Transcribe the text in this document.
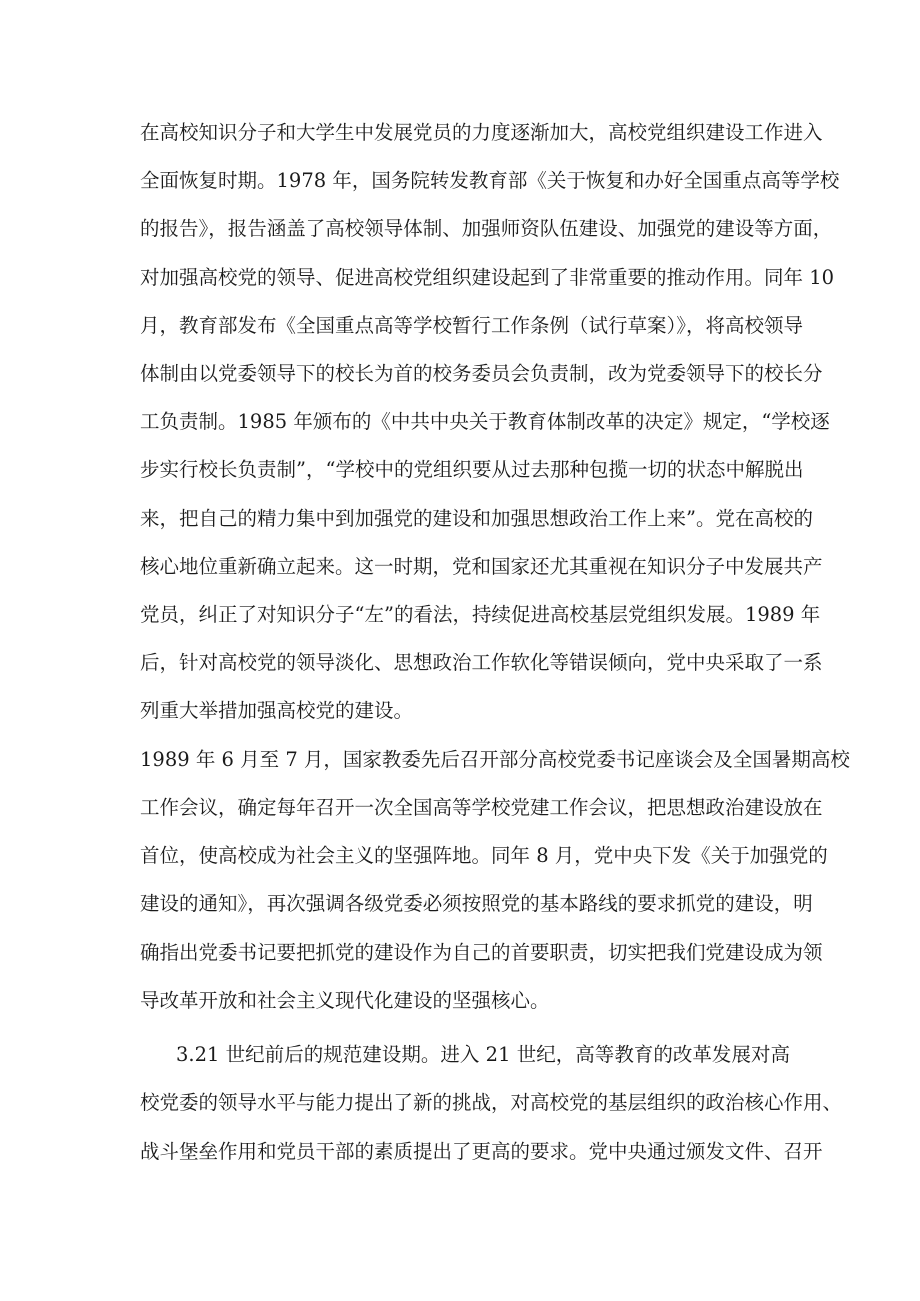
在高校知识分子和大学生中发展党员的力度逐渐加大，高校党组织建设工作进入
全面恢复时期。1978 年，国务院转发教育部《关于恢复和办好全国重点高等学校
的报告》，报告涵盖了高校领导体制、加强师资队伍建设、加强党的建设等方面，
对加强高校党的领导、促进高校党组织建设起到了非常重要的推动作用。同年 10
月，教育部发布《全国重点高等学校暂行工作条例（试行草案）》，将高校领导
体制由以党委领导下的校长为首的校务委员会负责制，改为党委领导下的校长分
工负责制。1985 年颁布的《中共中央关于教育体制改革的决定》规定，“学校逐
步实行校长负责制”，“学校中的党组织要从过去那种包揽一切的状态中解脱出
来，把自己的精力集中到加强党的建设和加强思想政治工作上来”。党在高校的
核心地位重新确立起来。这一时期，党和国家还尤其重视在知识分子中发展共产
党员，纠正了对知识分子“左”的看法，持续促进高校基层党组织发展。1989 年
后，针对高校党的领导淡化、思想政治工作软化等错误倾向，党中央采取了一系
列重大举措加强高校党的建设。
1989 年 6 月至 7 月，国家教委先后召开部分高校党委书记座谈会及全国暑期高校
工作会议，确定每年召开一次全国高等学校党建工作会议，把思想政治建设放在
首位，使高校成为社会主义的坚强阵地。同年 8 月，党中央下发《关于加强党的
建设的通知》，再次强调各级党委必须按照党的基本路线的要求抓党的建设，明
确指出党委书记要把抓党的建设作为自己的首要职责，切实把我们党建设成为领
导改革开放和社会主义现代化建设的坚强核心。
3.21 世纪前后的规范建设期。进入 21 世纪，高等教育的改革发展对高
校党委的领导水平与能力提出了新的挑战，对高校党的基层组织的政治核心作用、
战斗堡垒作用和党员干部的素质提出了更高的要求。党中央通过颁发文件、召开
